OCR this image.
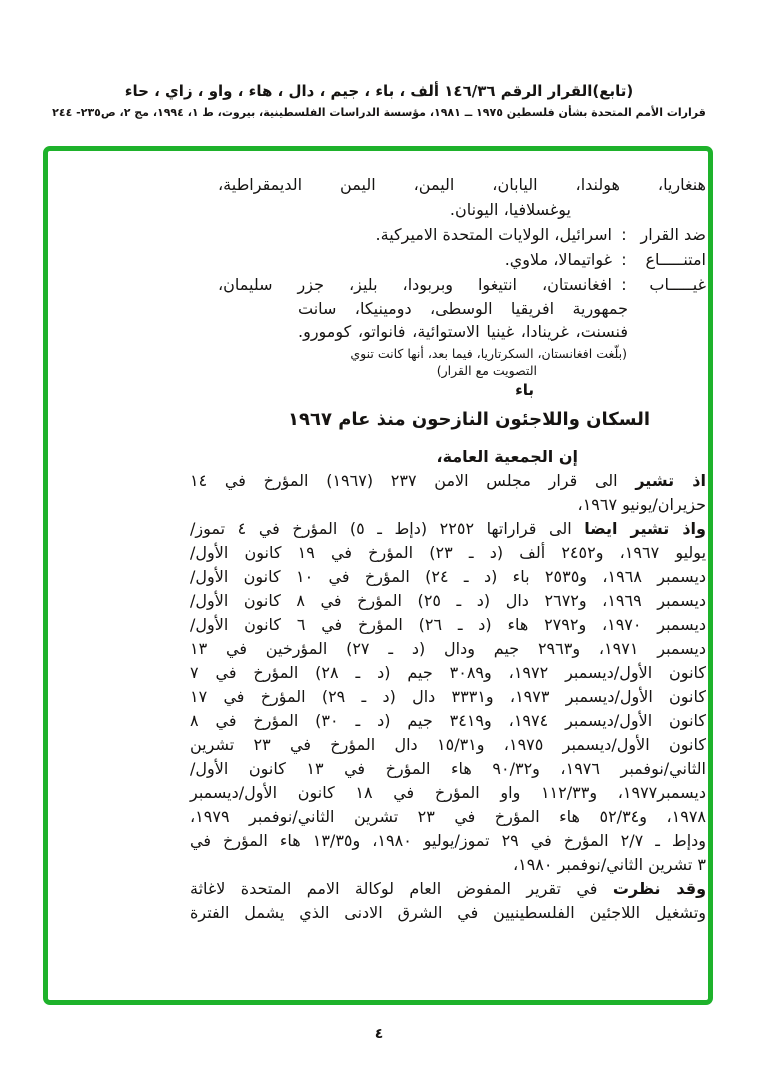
(تابع)القرار الرقم ١٤٦/٣٦ ألف ، باء ، جيم ، دال ، هاء ، واو ، زاي ، حاء
قرارات الأمم المتحدة بشأن فلسطين ١٩٧٥ ــ ١٩٨١، مؤسسة الدراسات الفلسطينية، بيروت، ط ١، ١٩٩٤، مج ٢، ص٢٣٥- ٢٤٤
هنغاريا، هولندا، اليابان، اليمن، اليمن الديمقراطية،
يوغسلافيا، اليونان.
ضد القرار
:
اسرائيل، الولايات المتحدة الاميركية.
امتنـــــاع
:
غواتيمالا، ملاوي.
غيـــــاب
:
افغانستان، انتيغوا وبربودا، بليز، جزر سليمان،
جمهورية افريقيا الوسطى، دومينيكا، سانت
فنسنت، غرينادا، غينيا الاستوائية، فانواتو، كومورو.
(بلّغت افغانستان، السكرتاريا، فيما بعد، أنها كانت تنوي
التصويت مع القرار)
باء
السكان واللاجئون النازحون منذ عام ١٩٦٧
إن الجمعية العامة،
اذ تشير الى قرار مجلس الامن ٢٣٧ (١٩٦٧) المؤرخ في ١٤
حزيران/يونيو ١٩٦٧،
واذ تشير ايضا الى قراراتها ٢٢٥٢ (دإط ـ ٥) المؤرخ في ٤ تموز/
يوليو ١٩٦٧، و٢٤٥٢ ألف (د ـ ٢٣) المؤرخ في ١٩ كانون الأول/
ديسمبر ١٩٦٨، و٢٥٣٥ باء (د ـ ٢٤) المؤرخ في ١٠ كانون الأول/
ديسمبر ١٩٦٩، و٢٦٧٢ دال (د ـ ٢٥) المؤرخ في ٨ كانون الأول/
ديسمبر ١٩٧٠، و٢٧٩٢ هاء (د ـ ٢٦) المؤرخ في ٦ كانون الأول/
ديسمبر ١٩٧١، و٢٩٦٣ جيم ودال (د ـ ٢٧) المؤرخين في ١٣
كانون الأول/ديسمبر ١٩٧٢، و٣٠٨٩ جيم (د ـ ٢٨) المؤرخ في ٧
كانون الأول/ديسمبر ١٩٧٣، و٣٣٣١ دال (د ـ ٢٩) المؤرخ في ١٧
كانون الأول/ديسمبر ١٩٧٤، و٣٤١٩ جيم (د ـ ٣٠) المؤرخ في ٨
كانون الأول/ديسمبر ١٩٧٥، و١٥/٣١ دال المؤرخ في ٢٣ تشرين
الثاني/نوفمبر ١٩٧٦، و٩٠/٣٢ هاء المؤرخ في ١٣ كانون الأول/
ديسمبر١٩٧٧، و١١٢/٣٣ واو المؤرخ في ١٨ كانون الأول/ديسمبر
١٩٧٨، و٥٢/٣٤ هاء المؤرخ في ٢٣ تشرين الثاني/نوفمبر ١٩٧٩،
ودإط ـ ٢/٧ المؤرخ في ٢٩ تموز/يوليو ١٩٨٠، و١٣/٣٥ هاء المؤرخ في
٣ تشرين الثاني/نوفمبر ١٩٨٠،
وقد نظرت في تقرير المفوض العام لوكالة الامم المتحدة لاغاثة
وتشغيل اللاجئين الفلسطينيين في الشرق الادنى الذي يشمل الفترة
٤
